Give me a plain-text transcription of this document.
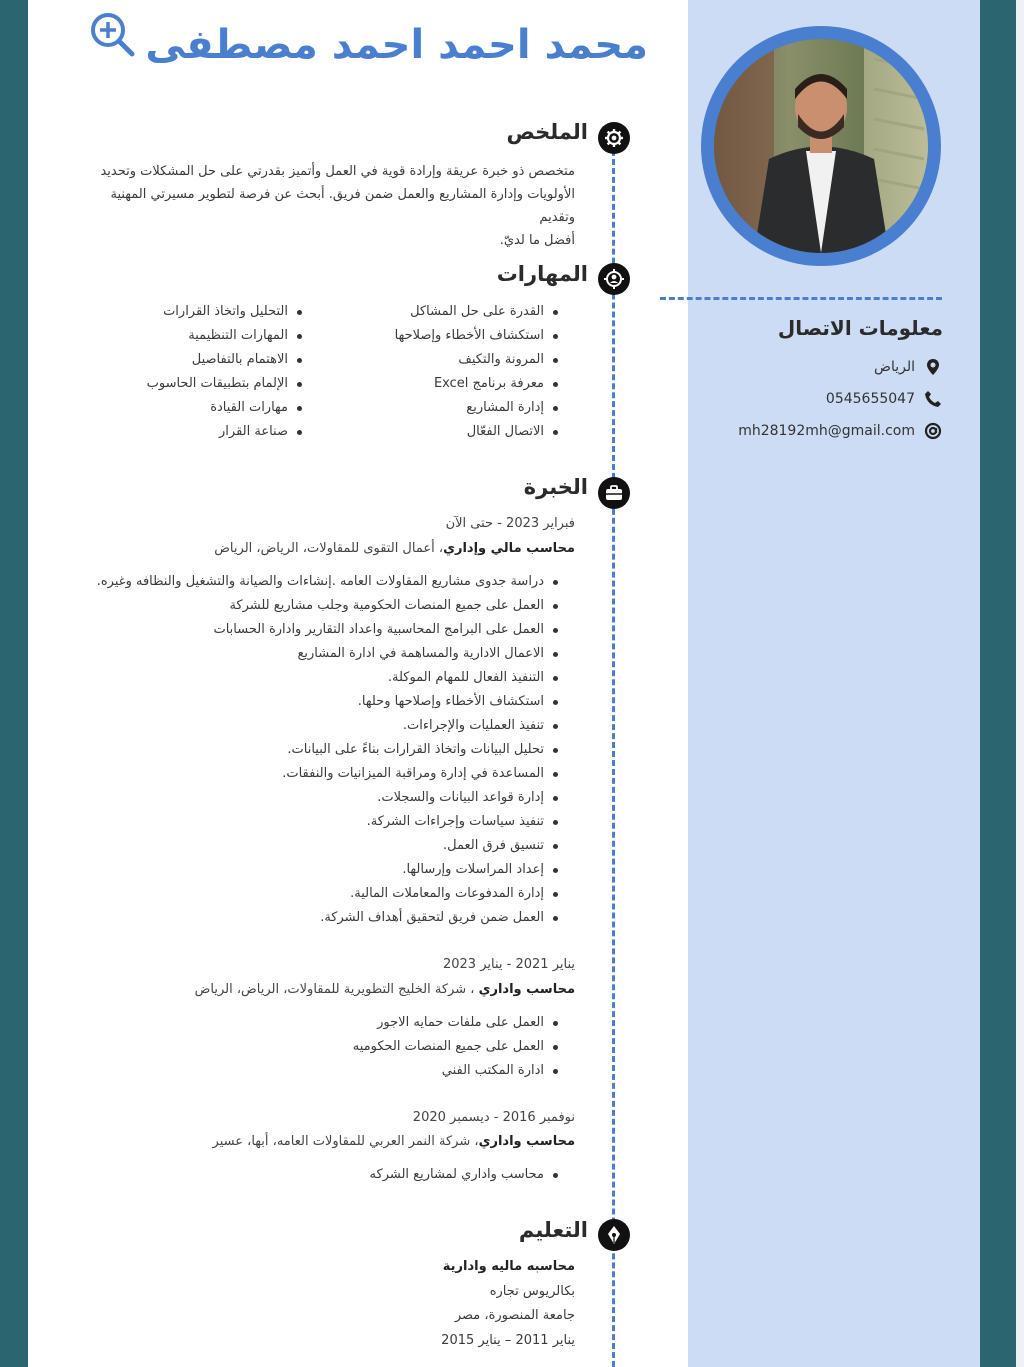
محمد احمد احمد مصطفى
الملخص
متخصص ذو خبرة عريقة وإرادة قوية في العمل وأتميز بقدرتي على حل المشكلات وتحديد
الأولويات وإدارة المشاريع والعمل ضمن فريق. أبحث عن فرصة لتطوير مسيرتي المهنية وتقديم
أفضل ما لديّ.
المهارات
القدرة على حل المشاكل
استكشاف الأخطاء وإصلاحها
المرونة والتكيف
معرفة برنامج Excel
إدارة المشاريع
الاتصال الفعّال
التحليل واتخاذ القرارات
المهارات التنظيمية
الاهتمام بالتفاصيل
الإلمام بتطبيقات الحاسوب
مهارات القيادة
صناعة القرار
الخبرة
فبراير 2023 - حتى الآن
محاسب مالي وإداري، أعمال التقوى للمقاولات، الرياض، الرياض
دراسة جدوى مشاريع المقاولات العامه .إنشاءات والصيانة والتشغيل والنظافه وغيره.
العمل على جميع المنصات الحكومية وجلب مشاريع للشركة
العمل على البرامج المحاسبية واعداد التقارير وادارة الحسابات
الاعمال الادارية والمساهمة في ادارة المشاريع
التنفيذ الفعال للمهام الموكلة.
استكشاف الأخطاء وإصلاحها وحلها.
تنفيذ العمليات والإجراءات.
تحليل البيانات واتخاذ القرارات بناءً على البيانات.
المساعدة في إدارة ومراقبة الميزانيات والنفقات.
إدارة قواعد البيانات والسجلات.
تنفيذ سياسات وإجراءات الشركة.
تنسيق فرق العمل.
إعداد المراسلات وإرسالها.
إدارة المدفوعات والمعاملات المالية.
العمل ضمن فريق لتحقيق أهداف الشركة.
يناير 2021 - يناير 2023
محاسب واداري ، شركة الخليج التطويرية للمقاولات، الرياض، الرياض
العمل على ملفات حمايه الاجور
العمل على جميع المنصات الحكوميه
ادارة المكتب الفني
نوفمبر 2016 - ديسمبر 2020
محاسب واداري، شركة النمر العربي للمقاولات العامه، أبها، عسير
محاسب واداري لمشاريع الشركه
التعليم
محاسبه ماليه وادارية
بكالريوس تجاره
جامعة المنصورة، مصر
يناير 2011 – يناير 2015
معلومات الاتصال
الرياض
0545655047
mh28192mh@gmail.com
